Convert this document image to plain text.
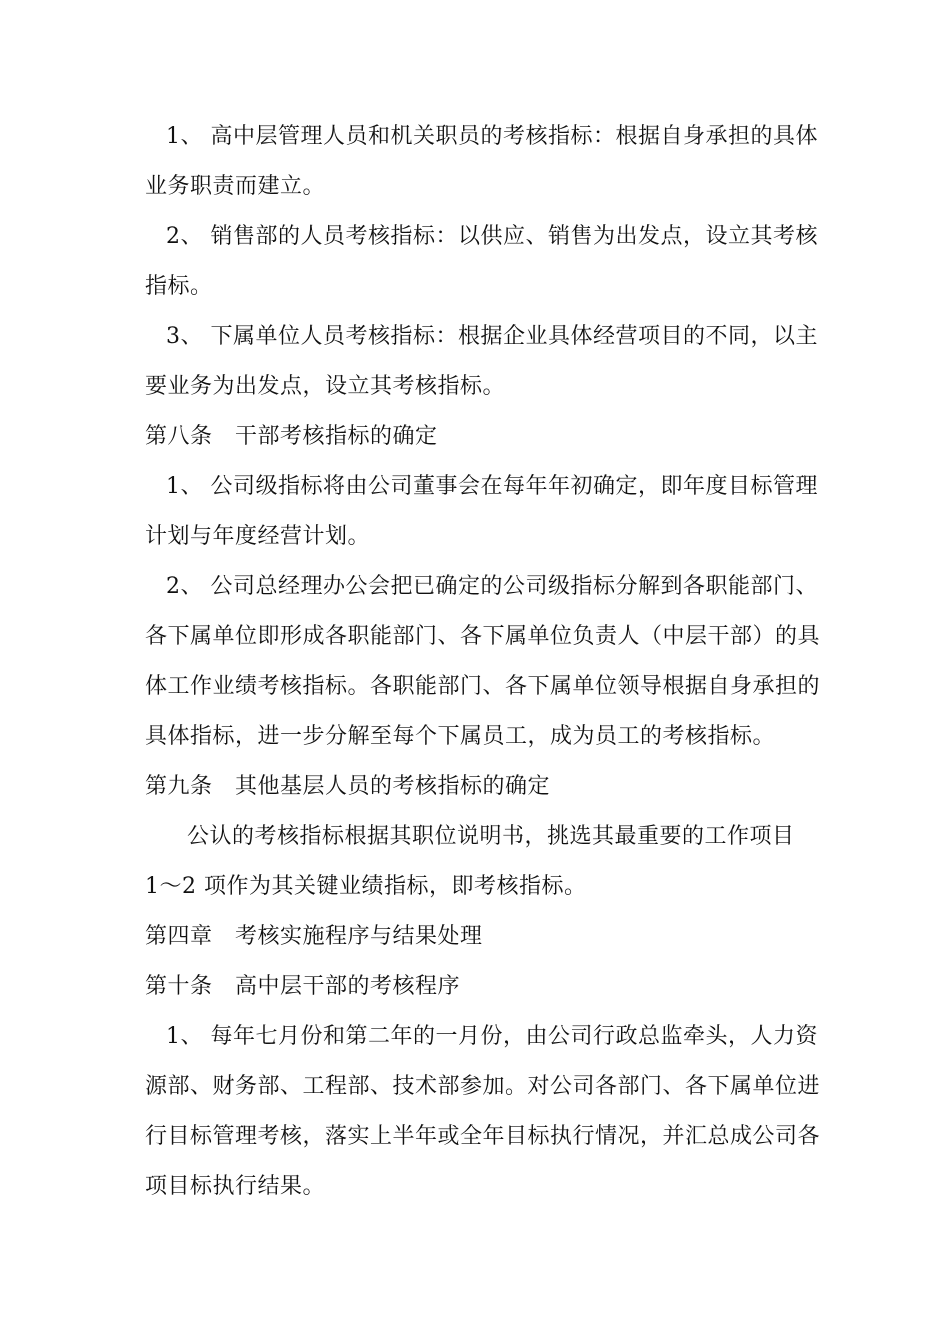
1、 高中层管理人员和机关职员的考核指标：根据自身承担的具体
业务职责而建立。
2、 销售部的人员考核指标：以供应、销售为出发点，设立其考核
指标。
3、 下属单位人员考核指标：根据企业具体经营项目的不同，以主
要业务为出发点，设立其考核指标。
第八条　干部考核指标的确定
1、 公司级指标将由公司董事会在每年年初确定，即年度目标管理
计划与年度经营计划。
2、 公司总经理办公会把已确定的公司级指标分解到各职能部门、
各下属单位即形成各职能部门、各下属单位负责人（中层干部）的具
体工作业绩考核指标。各职能部门、各下属单位领导根据自身承担的
具体指标，进一步分解至每个下属员工，成为员工的考核指标。
第九条　其他基层人员的考核指标的确定
公认的考核指标根据其职位说明书，挑选其最重要的工作项目
1～2 项作为其关键业绩指标，即考核指标。
第四章　考核实施程序与结果处理
第十条　高中层干部的考核程序
1、 每年七月份和第二年的一月份，由公司行政总监牵头，人力资
源部、财务部、工程部、技术部参加。对公司各部门、各下属单位进
行目标管理考核，落实上半年或全年目标执行情况，并汇总成公司各
项目标执行结果。
